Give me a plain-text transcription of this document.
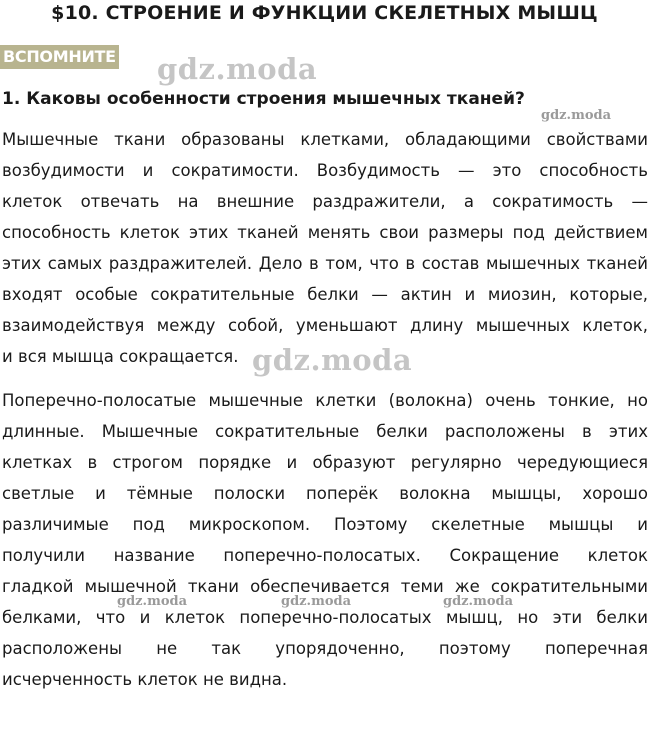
$10. СТРОЕНИЕ И ФУНКЦИИ СКЕЛЕТНЫХ МЫШЦ
ВСПОМНИТЕ
1. Каковы особенности строения мышечных тканей?
Мышечные ткани образованы клетками, обладающими свойствами
возбудимости и сократимости. Возбудимость — это способность
клеток отвечать на внешние раздражители, а сократимость —
способность клеток этих тканей менять свои размеры под действием
этих самых раздражителей. Дело в том, что в состав мышечных тканей
входят особые сократительные белки — актин и миозин, которые,
взаимодействуя между собой, уменьшают длину мышечных клеток,
и вся мышца сокращается.
Поперечно-полосатые мышечные клетки (волокна) очень тонкие, но
длинные. Мышечные сократительные белки расположены в этих
клетках в строгом порядке и образуют регулярно чередующиеся
светлые и тёмные полоски поперёк волокна мышцы, хорошо
различимые под микроскопом. Поэтому скелетные мышцы и
получили название поперечно-полосатых. Сокращение клеток
гладкой мышечной ткани обеспечивается теми же сократительными
белками, что и клеток поперечно-полосатых мышц, но эти белки
расположены не так упорядоченно, поэтому поперечная
исчерченность клеток не видна.
gdz.moda
gdz.moda
gdz.moda
gdz.moda	gdz.moda	gdz.moda
